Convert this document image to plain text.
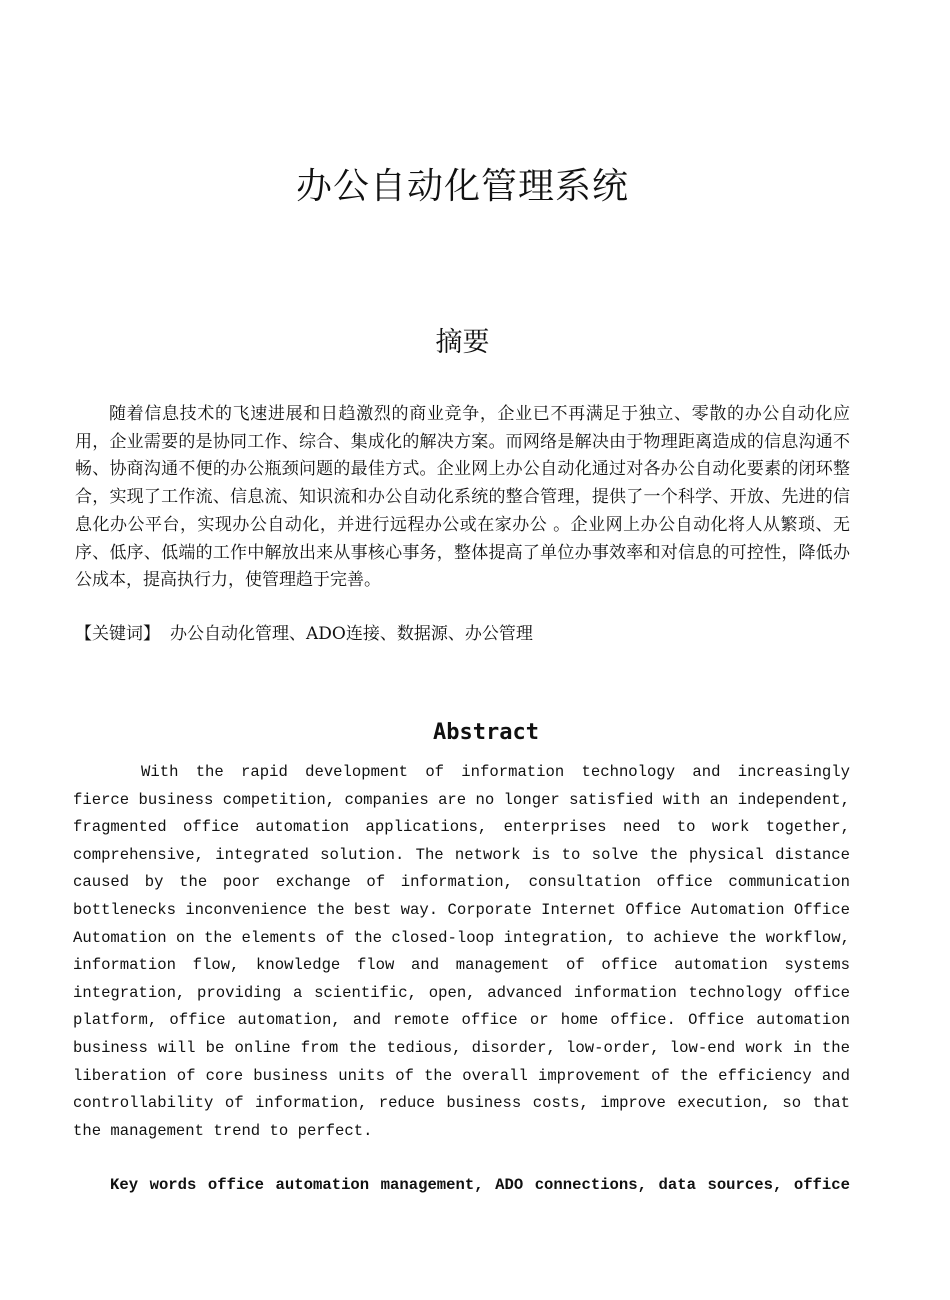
办公自动化管理系统
摘要

随着信息技术的飞速进展和日趋激烈的商业竞争，企业已不再满足于独立、零散的办公自动化应用，企业需要的是协同工作、综合、集成化的解决方案。而网络是解决由于物理距离造成的信息沟通不畅、协商沟通不便的办公瓶颈问题的最佳方式。企业网上办公自动化通过对各办公自动化要素的闭环整合，实现了工作流、信息流、知识流和办公自动化系统的整合管理，提供了一个科学、开放、先进的信息化办公平台，实现办公自动化，并进行远程办公或在家办公 。企业网上办公自动化将人从繁琐、无序、低序、低端的工作中解放出来从事核心事务，整体提高了单位办事效率和对信息的可控性，降低办公成本，提高执行力，使管理趋于完善。

【关键词】 办公自动化管理、ADO连接、数据源、办公管理

Abstract

With the rapid development of information technology and increasingly fierce business competition, companies are no longer satisfied with an independent, fragmented office automation applications, enterprises need to work together, comprehensive, integrated solution. The network is to solve the physical distance caused by the poor exchange of information, consultation office communication bottlenecks inconvenience the best way. Corporate Internet Office Automation Office Automation on the elements of the closed-loop integration, to achieve the workflow, information flow, knowledge flow and management of office automation systems integration, providing a scientific, open, advanced information technology office platform, office automation, and remote office or home office. Office automation business will be online from the tedious, disorder, low-order, low-end work in the liberation of core business units of the overall improvement of the efficiency and controllability of information, reduce business costs, improve execution, so that the management trend to perfect.

Key words office automation management, ADO connections, data sources, office
